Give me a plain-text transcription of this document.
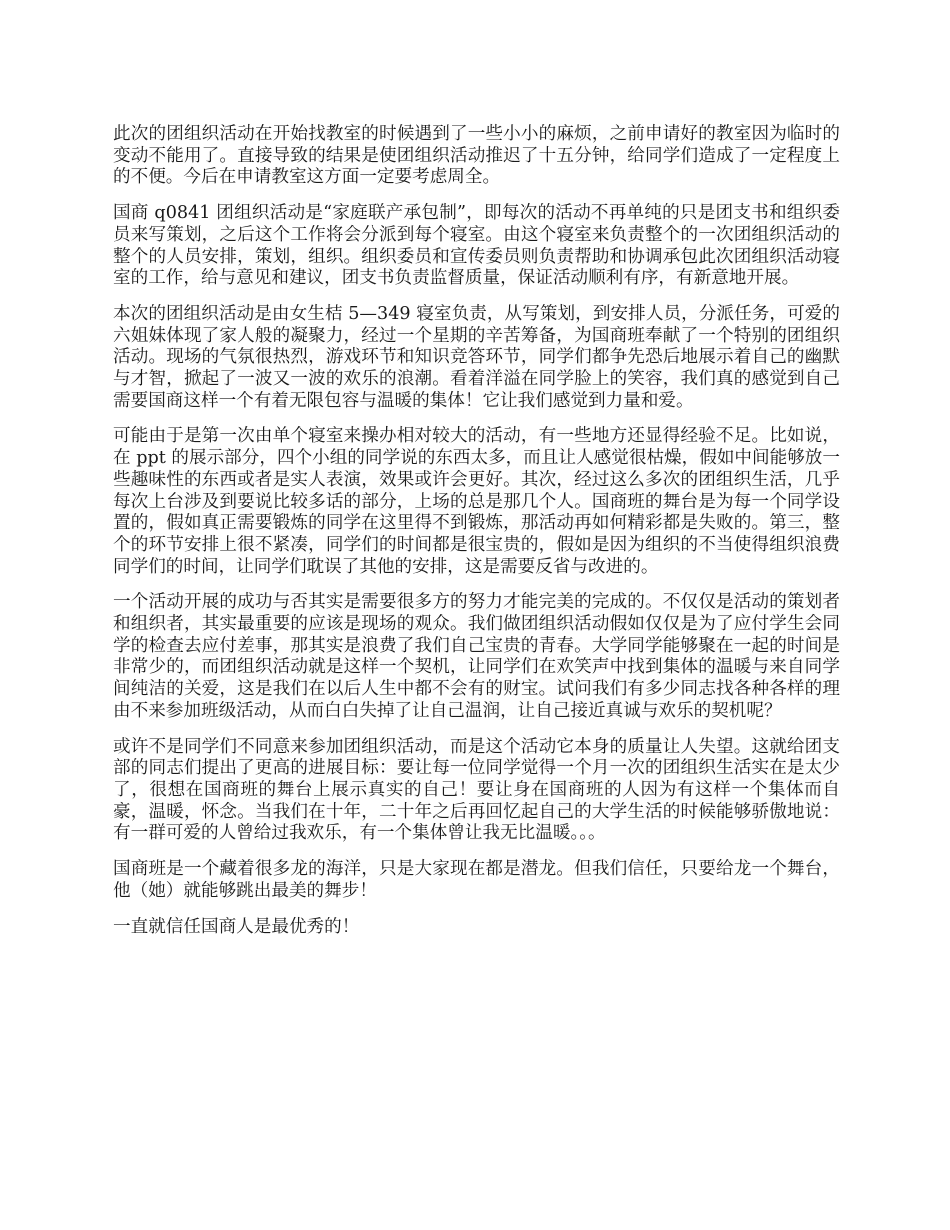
此次的团组织活动在开始找教室的时候遇到了一些小小的麻烦，之前申请好的教室因为临时的变动不能用了。直接导致的结果是使团组织活动推迟了十五分钟，给同学们造成了一定程度上的不便。今后在申请教室这方面一定要考虑周全。

国商 q0841 团组织活动是“家庭联产承包制”，即每次的活动不再单纯的只是团支书和组织委员来写策划，之后这个工作将会分派到每个寝室。由这个寝室来负责整个的一次团组织活动的整个的人员安排，策划，组织。组织委员和宣传委员则负责帮助和协调承包此次团组织活动寝室的工作，给与意见和建议，团支书负责监督质量，保证活动顺利有序，有新意地开展。

本次的团组织活动是由女生桔 5—349 寝室负责，从写策划，到安排人员，分派任务，可爱的六姐妹体现了家人般的凝聚力，经过一个星期的辛苦筹备，为国商班奉献了一个特别的团组织活动。现场的气氛很热烈，游戏环节和知识竞答环节，同学们都争先恐后地展示着自己的幽默与才智，掀起了一波又一波的欢乐的浪潮。看着洋溢在同学脸上的笑容，我们真的感觉到自己需要国商这样一个有着无限包容与温暖的集体！它让我们感觉到力量和爱。

可能由于是第一次由单个寝室来操办相对较大的活动，有一些地方还显得经验不足。比如说，在 ppt 的展示部分，四个小组的同学说的东西太多，而且让人感觉很枯燥，假如中间能够放一些趣味性的东西或者是实人表演，效果或许会更好。其次，经过这么多次的团组织生活，几乎每次上台涉及到要说比较多话的部分，上场的总是那几个人。国商班的舞台是为每一个同学设置的，假如真正需要锻炼的同学在这里得不到锻炼，那活动再如何精彩都是失败的。第三，整个的环节安排上很不紧凑，同学们的时间都是很宝贵的，假如是因为组织的不当使得组织浪费同学们的时间，让同学们耽误了其他的安排，这是需要反省与改进的。

一个活动开展的成功与否其实是需要很多方的努力才能完美的完成的。不仅仅是活动的策划者和组织者，其实最重要的应该是现场的观众。我们做团组织活动假如仅仅是为了应付学生会同学的检查去应付差事，那其实是浪费了我们自己宝贵的青春。大学同学能够聚在一起的时间是非常少的，而团组织活动就是这样一个契机，让同学们在欢笑声中找到集体的温暖与来自同学间纯洁的关爱，这是我们在以后人生中都不会有的财宝。试问我们有多少同志找各种各样的理由不来参加班级活动，从而白白失掉了让自己温润，让自己接近真诚与欢乐的契机呢？

或许不是同学们不同意来参加团组织活动，而是这个活动它本身的质量让人失望。这就给团支部的同志们提出了更高的进展目标：要让每一位同学觉得一个月一次的团组织生活实在是太少了，很想在国商班的舞台上展示真实的自己！要让身在国商班的人因为有这样一个集体而自豪，温暖，怀念。当我们在十年，二十年之后再回忆起自己的大学生活的时候能够骄傲地说：有一群可爱的人曾给过我欢乐，有一个集体曾让我无比温暖。。。

国商班是一个藏着很多龙的海洋，只是大家现在都是潜龙。但我们信任，只要给龙一个舞台，他（她）就能够跳出最美的舞步！

一直就信任国商人是最优秀的！
